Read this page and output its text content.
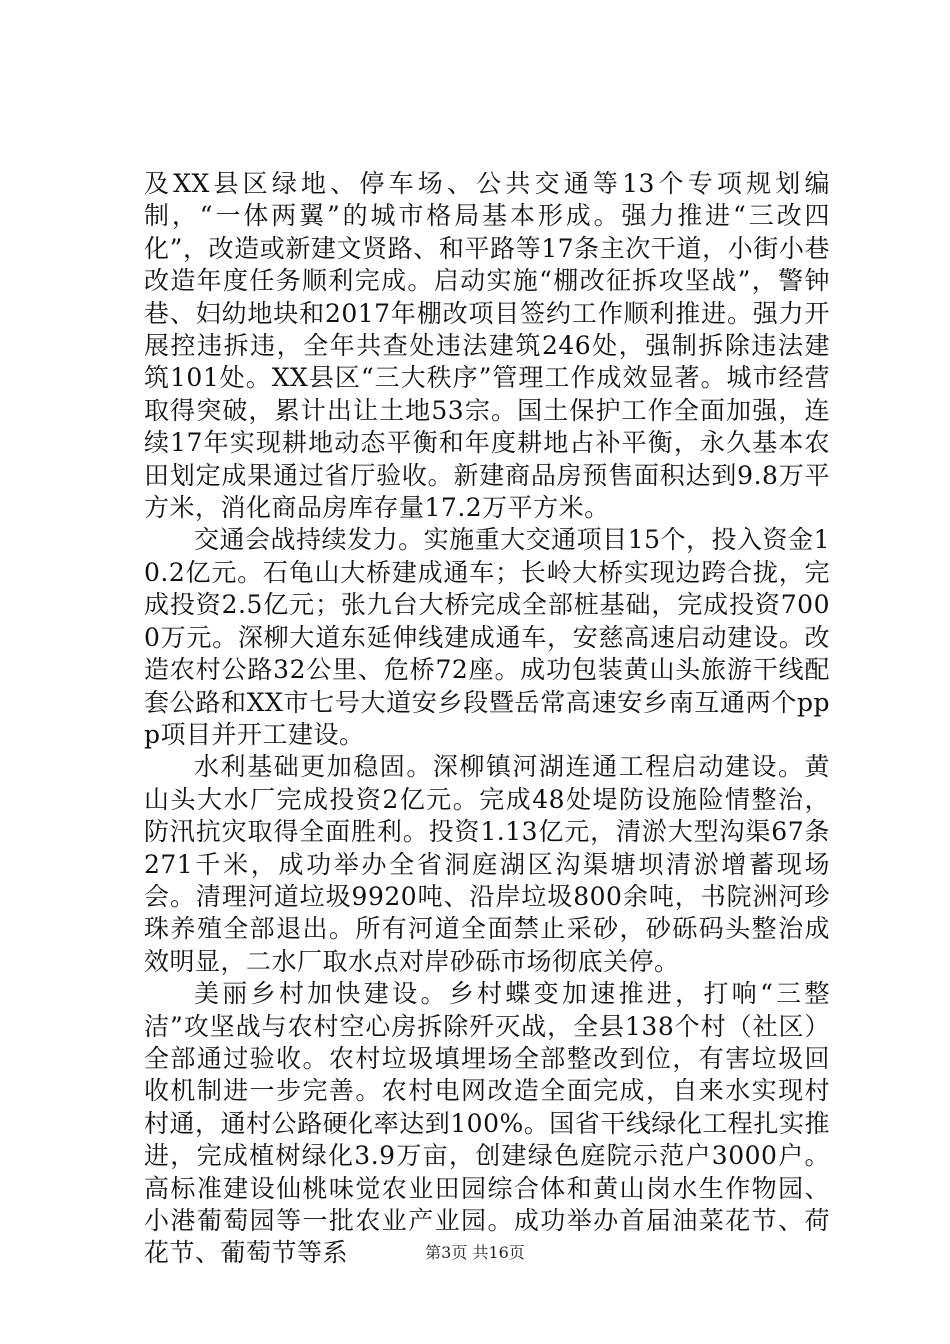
及XX县区绿地、停车场、公共交通等13个专项规划编制，“一体两翼”的城市格局基本形成。强力推进“三改四化”，改造或新建文贤路、和平路等17条主次干道，小街小巷改造年度任务顺利完成。启动实施“棚改征拆攻坚战”，警钟巷、妇幼地块和2017年棚改项目签约工作顺利推进。强力开展控违拆违，全年共查处违法建筑246处，强制拆除违法建筑101处。XX县区“三大秩序”管理工作成效显著。城市经营取得突破，累计出让土地53宗。国土保护工作全面加强，连续17年实现耕地动态平衡和年度耕地占补平衡，永久基本农田划定成果通过省厅验收。新建商品房预售面积达到9.8万平方米，消化商品房库存量17.2万平方米。

交通会战持续发力。实施重大交通项目15个，投入资金10.2亿元。石龟山大桥建成通车；长岭大桥实现边跨合拢，完成投资2.5亿元；张九台大桥完成全部桩基础，完成投资7000万元。深柳大道东延伸线建成通车，安慈高速启动建设。改造农村公路32公里、危桥72座。成功包装黄山头旅游干线配套公路和XX市七号大道安乡段暨岳常高速安乡南互通两个ppp项目并开工建设。

水利基础更加稳固。深柳镇河湖连通工程启动建设。黄山头大水厂完成投资2亿元。完成48处堤防设施险情整治，防汛抗灾取得全面胜利。投资1.13亿元，清淤大型沟渠67条271千米，成功举办全省洞庭湖区沟渠塘坝清淤增蓄现场会。清理河道垃圾9920吨、沿岸垃圾800余吨，书院洲河珍珠养殖全部退出。所有河道全面禁止采砂，砂砾码头整治成效明显，二水厂取水点对岸砂砾市场彻底关停。

美丽乡村加快建设。乡村蝶变加速推进，打响“三整洁”攻坚战与农村空心房拆除歼灭战，全县138个村（社区）全部通过验收。农村垃圾填埋场全部整改到位，有害垃圾回收机制进一步完善。农村电网改造全面完成，自来水实现村村通，通村公路硬化率达到100%。国省干线绿化工程扎实推进，完成植树绿化3.9万亩，创建绿色庭院示范户3000户。高标准建设仙桃味觉农业田园综合体和黄山岗水生作物园、小港葡萄园等一批农业产业园。成功举办首届油菜花节、荷花节、葡萄节等系	第3页 共16页
